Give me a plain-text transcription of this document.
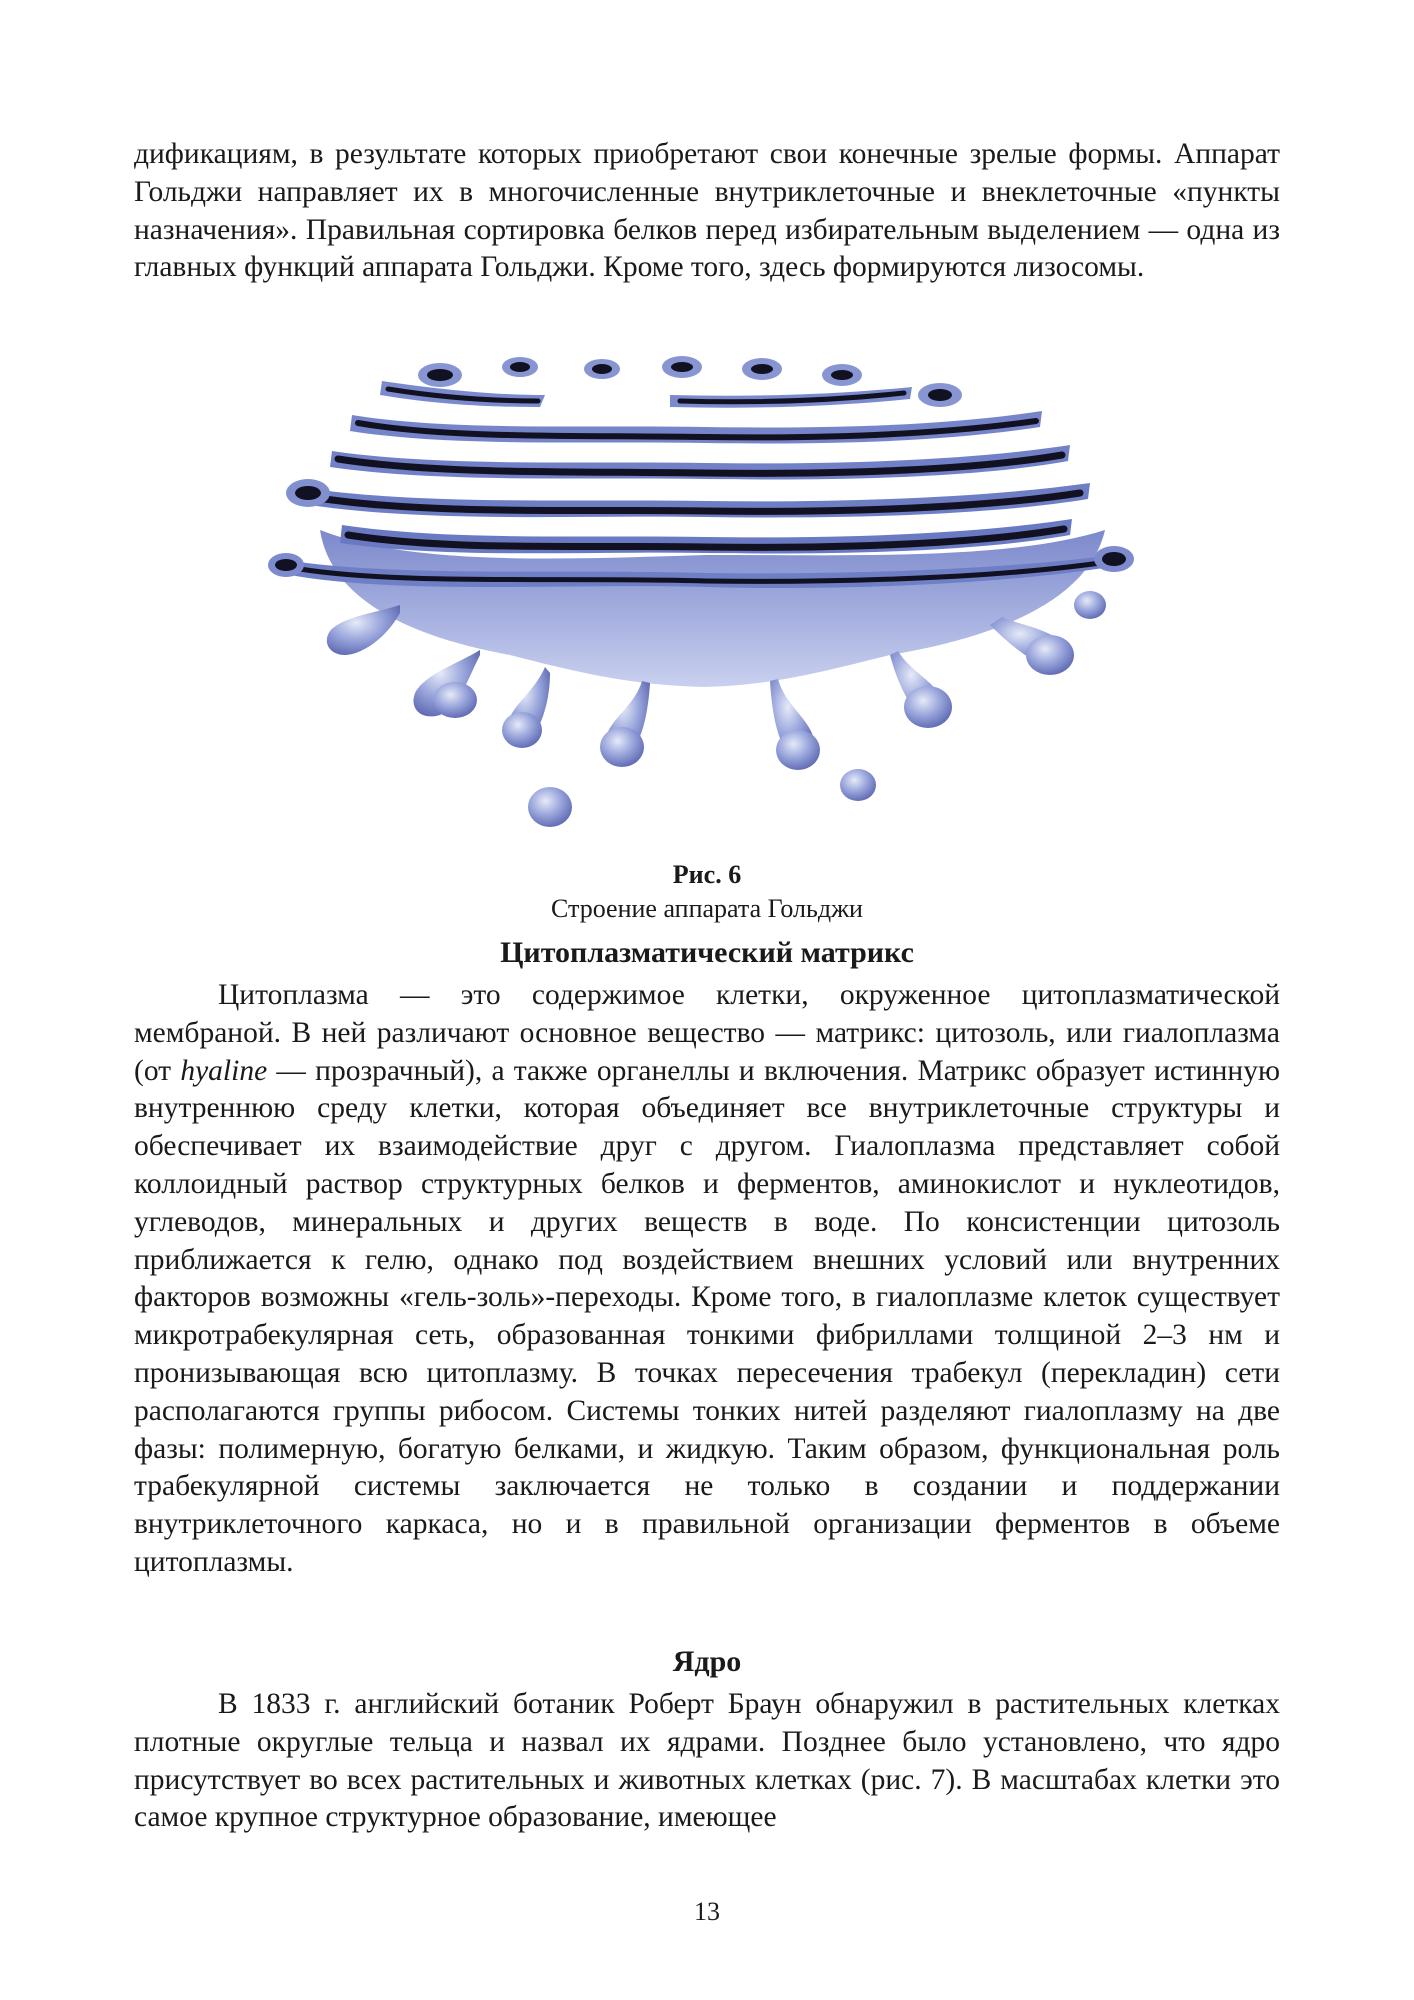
дификациям, в результате которых приобретают свои конечные зрелые формы. Аппарат Гольджи направляет их в многочисленные внутриклеточные и внеклеточные «пункты назначения». Правильная сортировка белков перед избирательным выделением — одна из главных функций аппарата Гольджи. Кроме того, здесь формируются лизосомы.

Рис. 6
Строение аппарата Гольджи
Цитоплазматический матрикс

Цитоплазма — это содержимое клетки, окруженное цитоплазматической мембраной. В ней различают основное вещество — матрикс: цитозоль, или гиалоплазма (от hyaline — прозрачный), а также органеллы и включения. Матрикс образует истинную внутреннюю среду клетки, которая объединяет все внутриклеточные структуры и обеспечивает их взаимодействие друг с другом. Гиалоплазма представляет собой коллоидный раствор структурных белков и ферментов, аминокислот и нуклеотидов, углеводов, минеральных и других веществ в воде. По консистенции цитозоль приближается к гелю, однако под воздействием внешних условий или внутренних факторов возможны «гель-золь»-переходы. Кроме того, в гиалоплазме клеток существует микротрабекулярная сеть, образованная тонкими фибриллами толщиной 2–3 нм и пронизывающая всю цитоплазму. В точках пересечения трабекул (перекладин) сети располагаются группы рибосом. Системы тонких нитей разделяют гиалоплазму на две фазы: полимерную, богатую белками, и жидкую. Таким образом, функциональная роль трабекулярной системы заключается не только в создании и поддержании внутриклеточного каркаса, но и в правильной организации ферментов в объеме цитоплазмы.

Ядро

В 1833 г. английский ботаник Роберт Браун обнаружил в растительных клетках плотные округлые тельца и назвал их ядрами. Позднее было установлено, что ядро присутствует во всех растительных и животных клетках (рис. 7). В масштабах клетки это самое крупное структурное образование, имеющее

13
